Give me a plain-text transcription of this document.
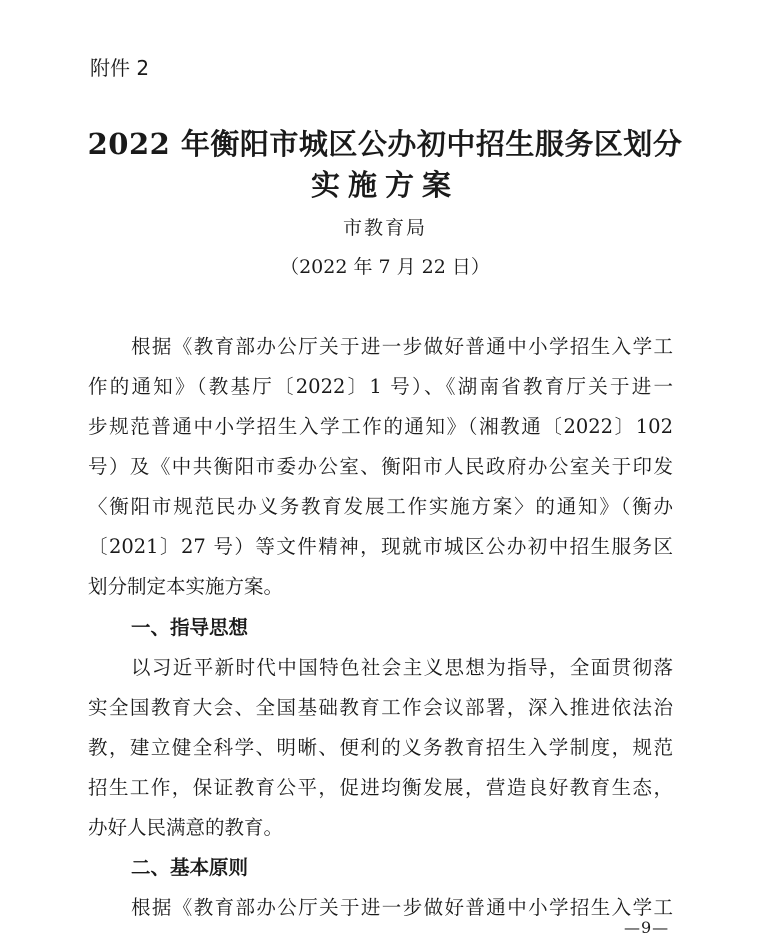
附件 2
2022 年衡阳市城区公办初中招生服务区划分
实施方案
市教育局
（2022 年 7 月 22 日）
根据《教育部办公厅关于进一步做好普通中小学招生入学工
作的通知》（教基厅〔2022〕1 号）、《湖南省教育厅关于进一
步规范普通中小学招生入学工作的通知》（湘教通〔2022〕102
号）及《中共衡阳市委办公室、衡阳市人民政府办公室关于印发
〈衡阳市规范民办义务教育发展工作实施方案〉的通知》（衡办
〔2021〕27 号）等文件精神，现就市城区公办初中招生服务区
划分制定本实施方案。
一、指导思想
以习近平新时代中国特色社会主义思想为指导，全面贯彻落
实全国教育大会、全国基础教育工作会议部署，深入推进依法治
教，建立健全科学、明晰、便利的义务教育招生入学制度，规范
招生工作，保证教育公平，促进均衡发展，营造良好教育生态，
办好人民满意的教育。
二、基本原则
根据《教育部办公厅关于进一步做好普通中小学招生入学工
—9—
